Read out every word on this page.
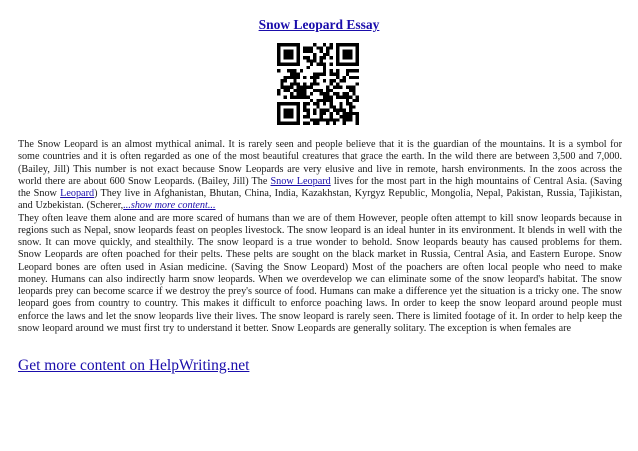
Snow Leopard Essay

The Snow Leopard is an almost mythical animal. It is rarely seen and people believe that it is the guardian of the mountains. It is a symbol for some countries and it is often regarded as one of the most beautiful creatures that grace the earth. In the wild there are between 3,500 and 7,000. (Bailey, Jill) This number is not exact because Snow Leopards are very elusive and live in remote, harsh environments. In the zoos across the world there are about 600 Snow Leopards. (Bailey, Jill) The Snow Leopard lives for the most part in the high mountains of Central Asia. (Saving the Snow Leopard) They live in Afghanistan, Bhutan, China, India, Kazakhstan, Kyrgyz Republic, Mongolia, Nepal, Pakistan, Russia, Tajikistan, and Uzbekistan. (Scherer,...show more content...

They often leave them alone and are more scared of humans than we are of them However, people often attempt to kill snow leopards because in regions such as Nepal, snow leopards feast on peoples livestock. The snow leopard is an ideal hunter in its environment. It blends in well with the snow. It can move quickly, and stealthily. The snow leopard is a true wonder to behold. Snow leopards beauty has caused problems for them. Snow Leopards are often poached for their pelts. These pelts are sought on the black market in Russia, Central Asia, and Eastern Europe. Snow Leopard bones are often used in Asian medicine. (Saving the Snow Leopard) Most of the poachers are often local people who need to make money. Humans can also indirectly harm snow leopards. When we overdevelop we can eliminate some of the snow leopard's habitat. The snow leopards prey can become scarce if we destroy the prey's source of food. Humans can make a difference yet the situation is a tricky one. The snow leopard goes from country to country. This makes it difficult to enforce poaching laws. In order to keep the snow leopard around people must enforce the laws and let the snow leopards live their lives. The snow leopard is rarely seen. There is limited footage of it. In order to help keep the snow leopard around we must first try to understand it better. Snow Leopards are generally solitary. The exception is when females are

Get more content on HelpWriting.net
